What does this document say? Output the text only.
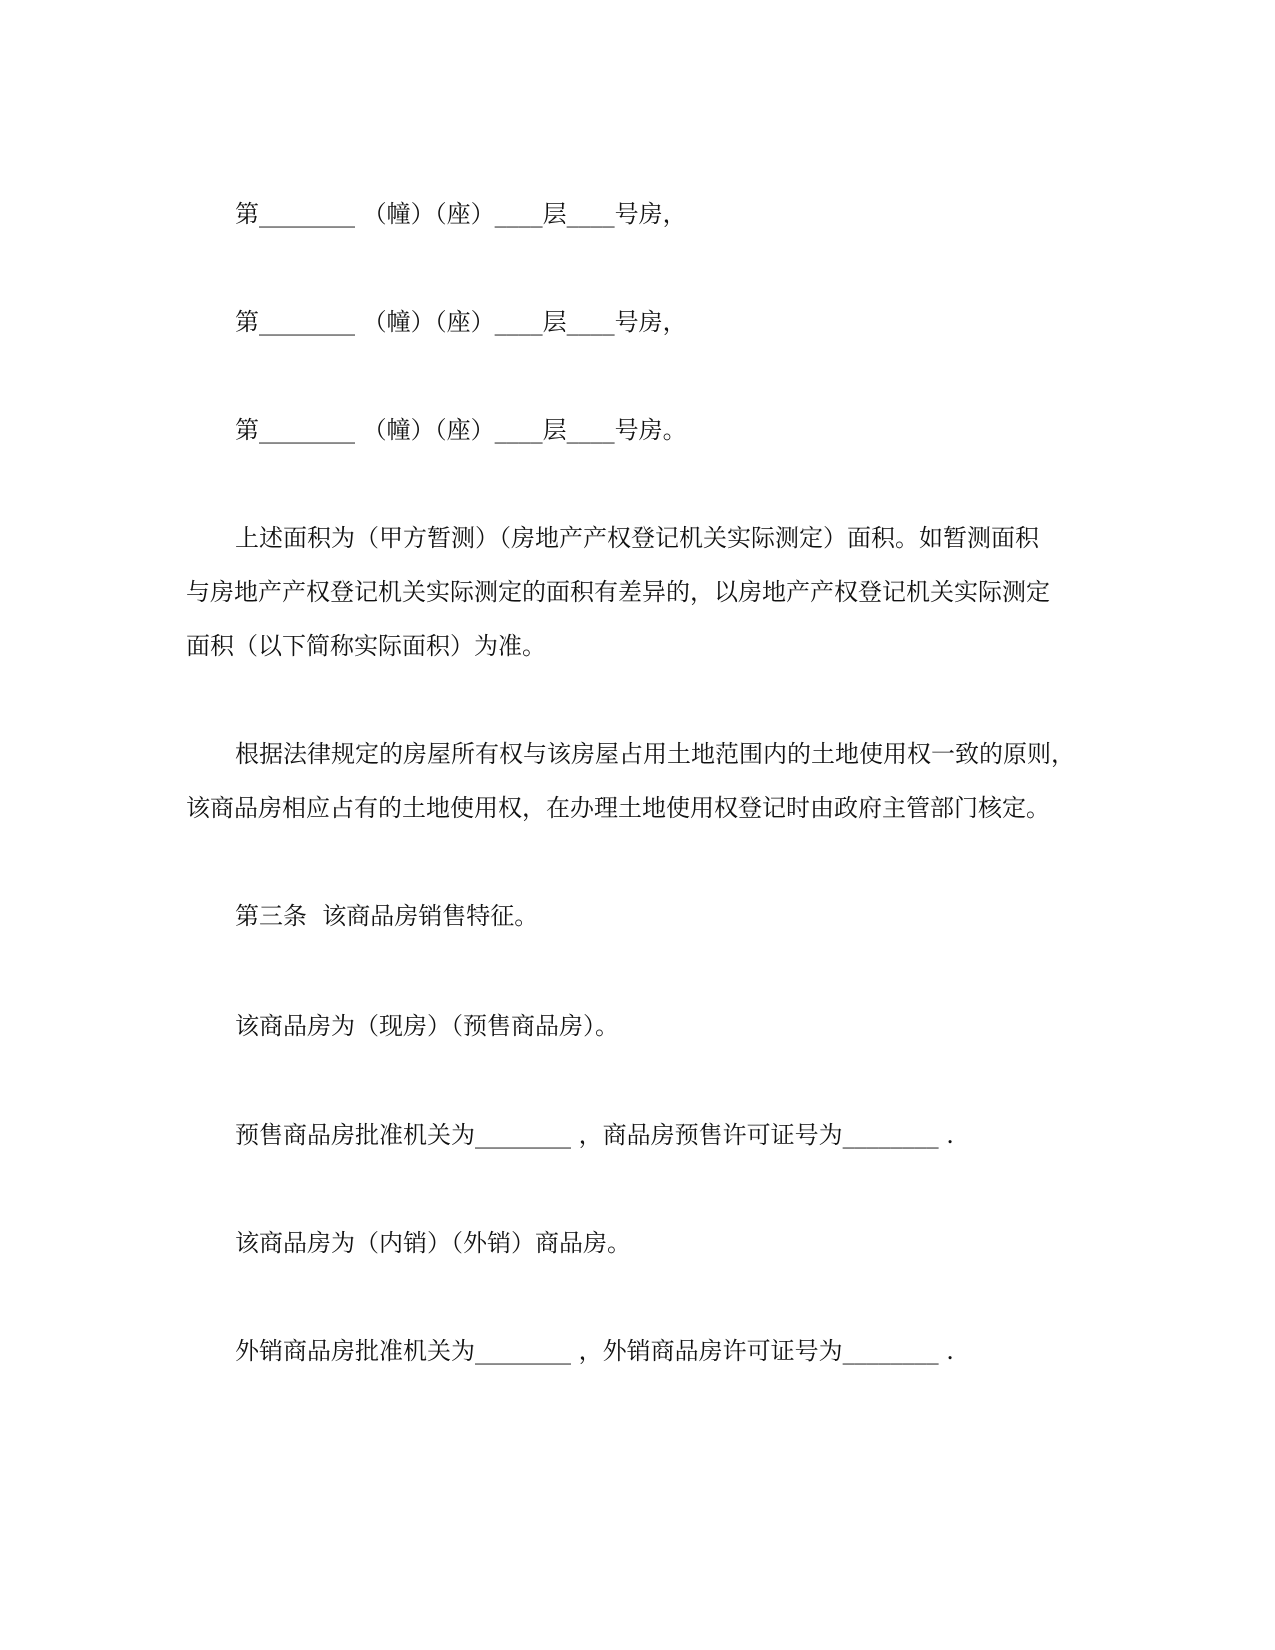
第________ （幢）（座）____层____号房，
第________ （幢）（座）____层____号房，
第________ （幢）（座）____层____号房。
上述面积为（甲方暂测）（房地产产权登记机关实际测定）面积。如暂测面积
与房地产产权登记机关实际测定的面积有差异的，以房地产产权登记机关实际测定
面积（以下简称实际面积）为准。
根据法律规定的房屋所有权与该房屋占用土地范围内的土地使用权一致的原则，
该商品房相应占有的土地使用权，在办理土地使用权登记时由政府主管部门核定。
第三条  该商品房销售特征。
该商品房为（现房）（预售商品房）。
预售商品房批准机关为________ ，商品房预售许可证号为________ .
该商品房为（内销）（外销）商品房。
外销商品房批准机关为________ ，外销商品房许可证号为________ .
